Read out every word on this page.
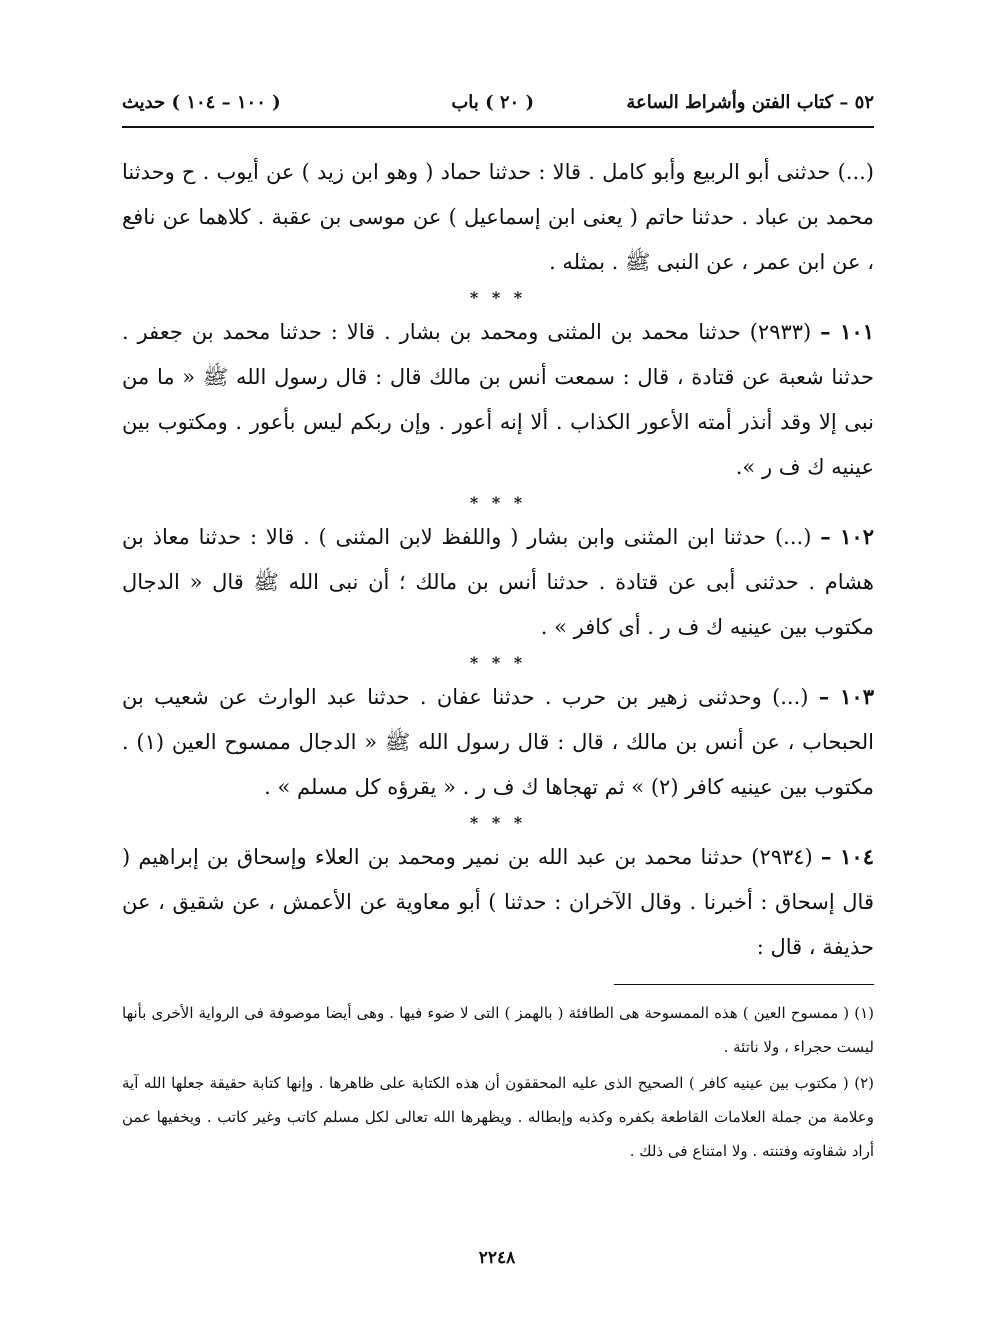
٥٢ – كتاب الفتن وأشراط الساعة
( ٢٠ ) باب
( ١٠٠ – ١٠٤ ) حديث

(...) حدثنى أبو الربيع وأبو كامل . قالا : حدثنا حماد ( وهو ابن زيد ) عن أيوب . ح وحدثنا محمد بن عباد . حدثنا حاتم ( يعنى ابن إسماعيل ) عن موسى بن عقبة . كلاهما عن نافع ، عن ابن عمر ، عن النبى ﷺ . بمثله .

* * *

١٠١ – (٢٩٣٣) حدثنا محمد بن المثنى ومحمد بن بشار . قالا : حدثنا محمد بن جعفر . حدثنا شعبة عن قتادة ، قال : سمعت أنس بن مالك قال : قال رسول الله ﷺ « ما من نبى إلا وقد أنذر أمته الأعور الكذاب . ألا إنه أعور . وإن ربكم ليس بأعور . ومكتوب بين عينيه ك ف ر ».

* * *

١٠٢ – (...) حدثنا ابن المثنى وابن بشار ( واللفظ لابن المثنى ) . قالا : حدثنا معاذ بن هشام . حدثنى أبى عن قتادة . حدثنا أنس بن مالك ؛ أن نبى الله ﷺ قال « الدجال مكتوب بين عينيه ك ف ر . أى كافر » .

* * *

١٠٣ – (...) وحدثنى زهير بن حرب . حدثنا عفان . حدثنا عبد الوارث عن شعيب بن الحبحاب ، عن أنس بن مالك ، قال : قال رسول الله ﷺ « الدجال ممسوح العين (١) . مكتوب بين عينيه كافر (٢) » ثم تهجاها ك ف ر . « يقرؤه كل مسلم » .

* * *

١٠٤ – (٢٩٣٤) حدثنا محمد بن عبد الله بن نمير ومحمد بن العلاء وإسحاق بن إبراهيم ( قال إسحاق : أخبرنا . وقال الآخران : حدثنا ) أبو معاوية عن الأعمش ، عن شقيق ، عن حذيفة ، قال :

(١) ( ممسوح العين ) هذه الممسوحة هى الطافئة ( بالهمز ) التى لا ضوء فيها . وهى أيضا موصوفة فى الرواية الأخرى بأنها ليست حجراء ، ولا ناتئة .

(٢) ( مكتوب بين عينيه كافر ) الصحيح الذى عليه المحققون أن هذه الكتابة على ظاهرها . وإنها كتابة حقيقة جعلها الله آية وعلامة من جملة العلامات القاطعة بكفره وكذبه وإبطاله . ويظهرها الله تعالى لكل مسلم كاتب وغير كاتب . ويخفيها عمن أراد شقاوته وفتنته . ولا امتناع فى ذلك .

٢٢٤٨
